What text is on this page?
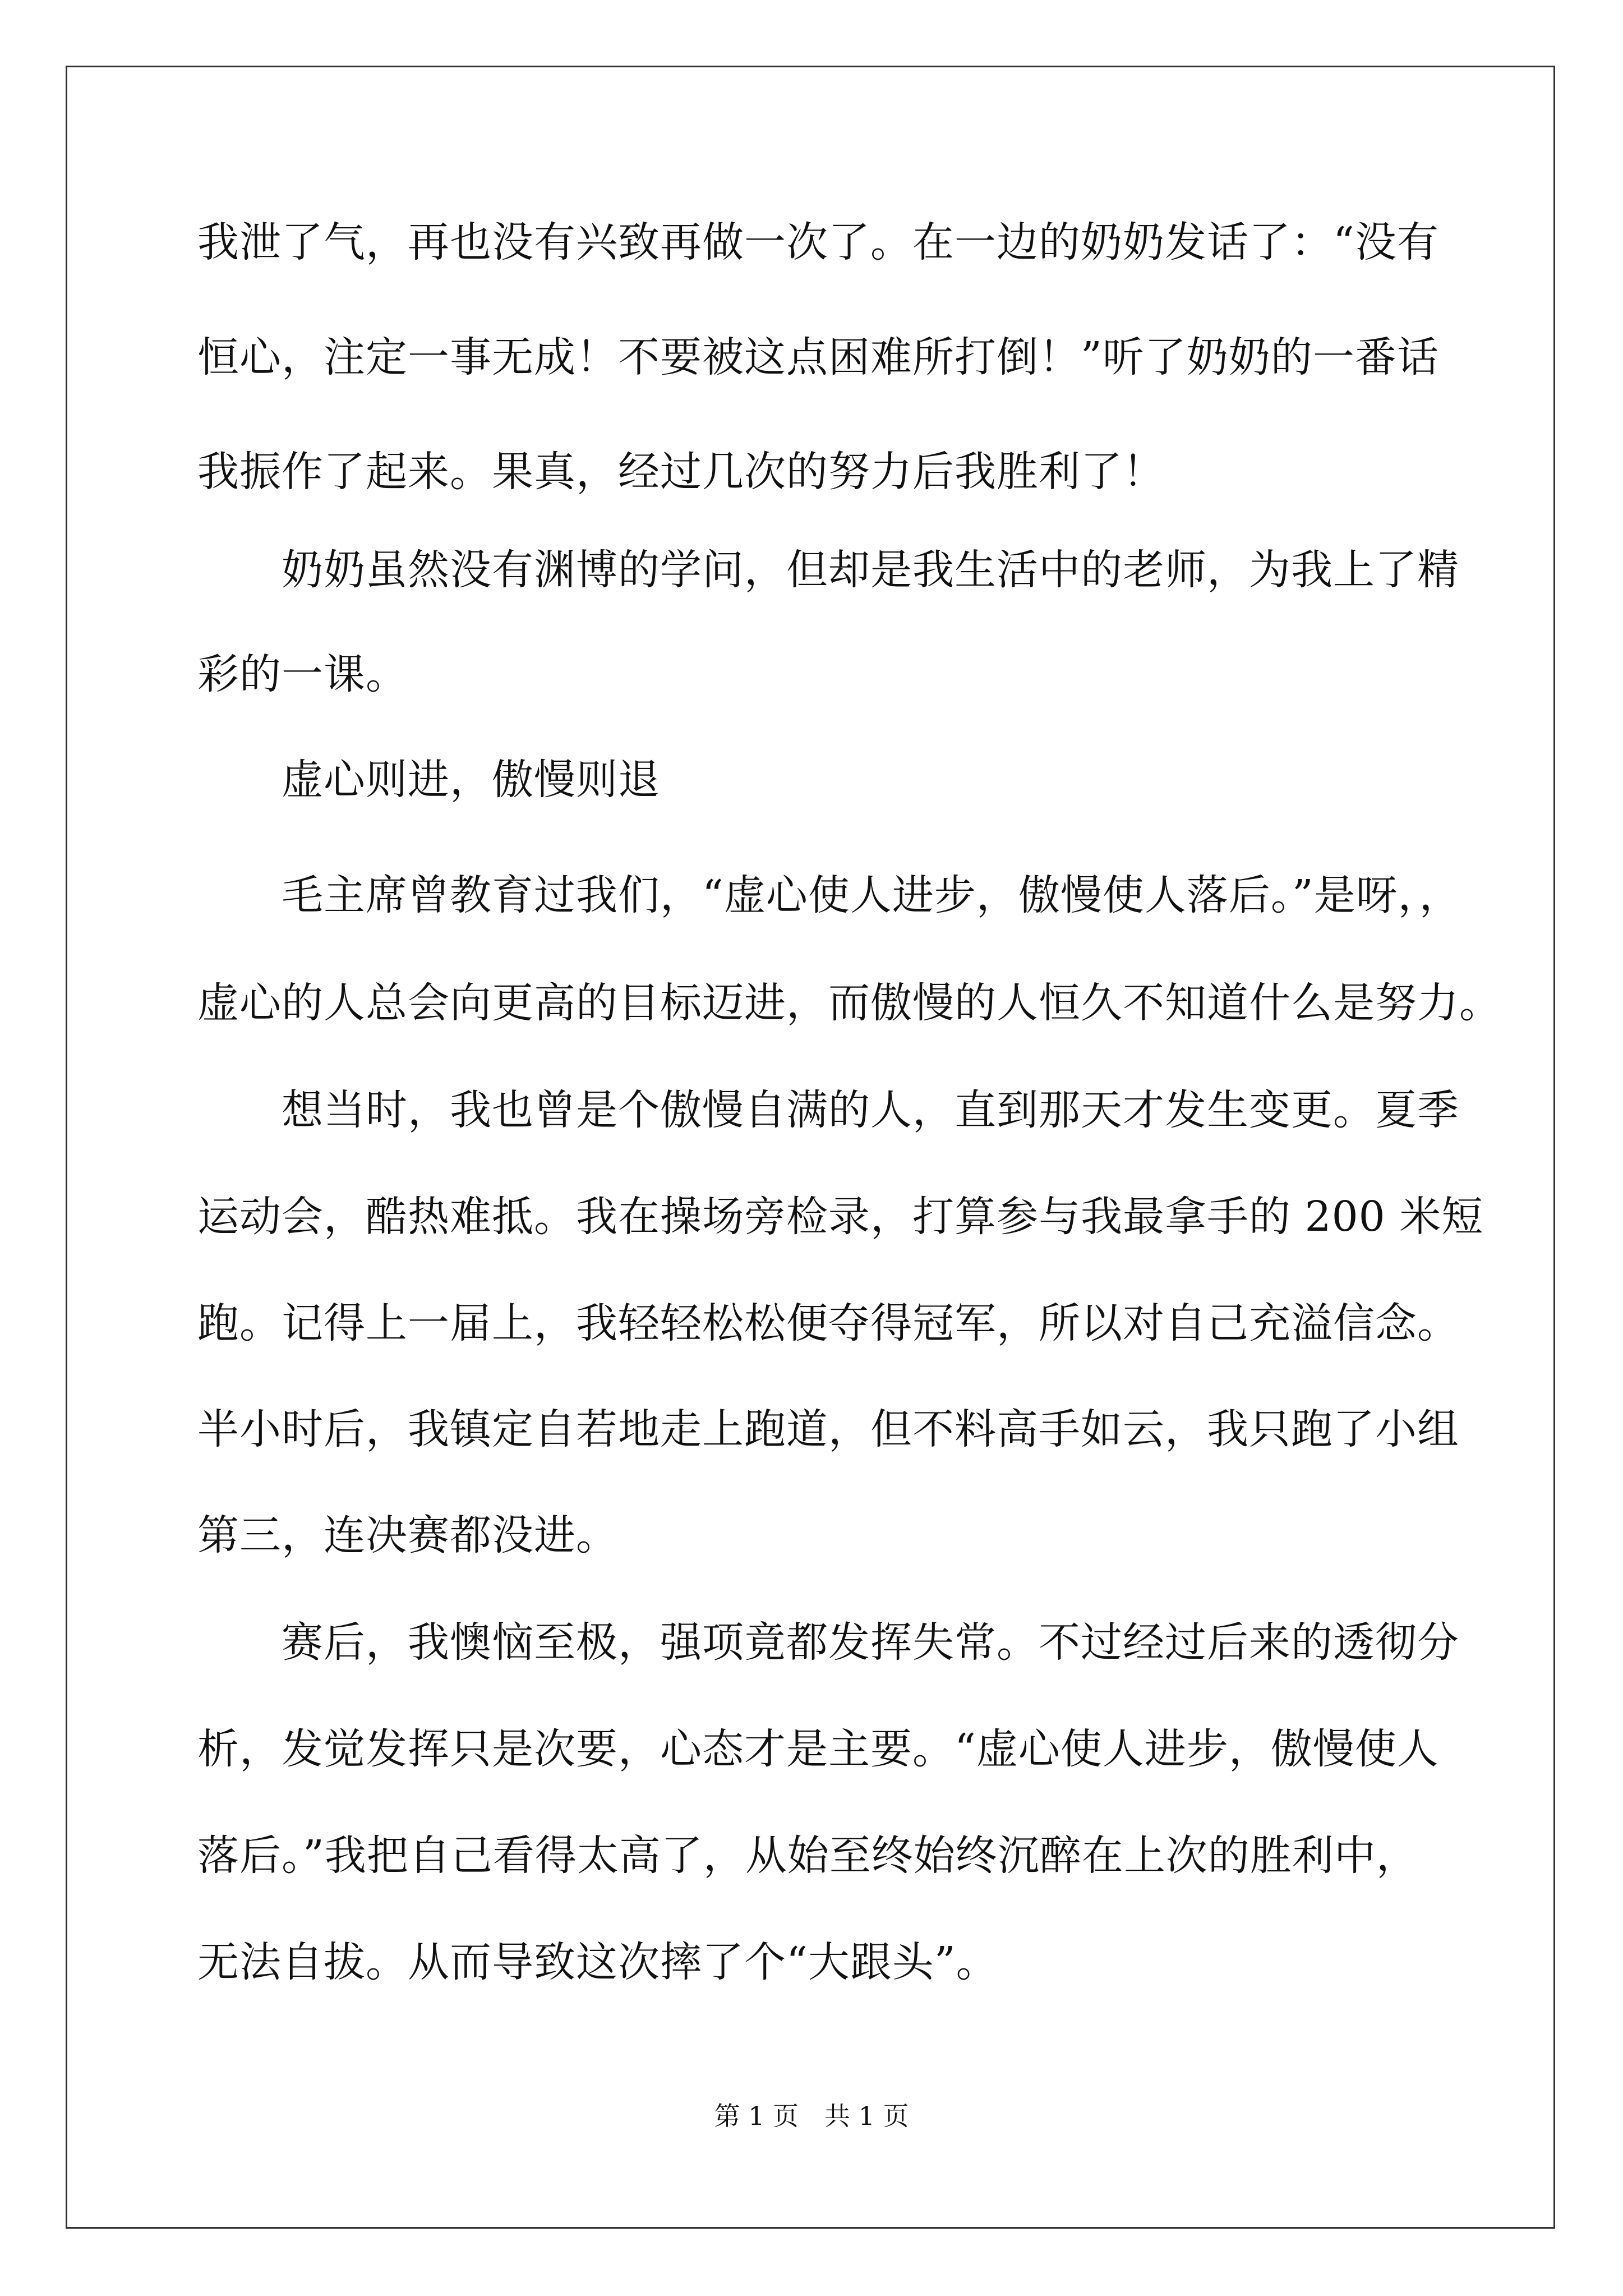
我泄了气，再也没有兴致再做一次了。在一边的奶奶发话了：“没有
恒心，注定一事无成！不要被这点困难所打倒！”听了奶奶的一番话
我振作了起来。果真，经过几次的努力后我胜利了！
奶奶虽然没有渊博的学问，但却是我生活中的老师，为我上了精
彩的一课。
虚心则进，傲慢则退
毛主席曾教育过我们，“虚心使人进步，傲慢使人落后。”是呀，，
虚心的人总会向更高的目标迈进，而傲慢的人恒久不知道什么是努力。
想当时，我也曾是个傲慢自满的人，直到那天才发生变更。夏季
运动会，酷热难抵。我在操场旁检录，打算参与我最拿手的 200 米短
跑。记得上一届上，我轻轻松松便夺得冠军，所以对自己充溢信念。
半小时后，我镇定自若地走上跑道，但不料高手如云，我只跑了小组
第三，连决赛都没进。
赛后，我懊恼至极，强项竟都发挥失常。不过经过后来的透彻分
析，发觉发挥只是次要，心态才是主要。“虚心使人进步，傲慢使人
落后。”我把自己看得太高了，从始至终始终沉醉在上次的胜利中，
无法自拔。从而导致这次摔了个“大跟头”。
第 1 页　共 1 页
